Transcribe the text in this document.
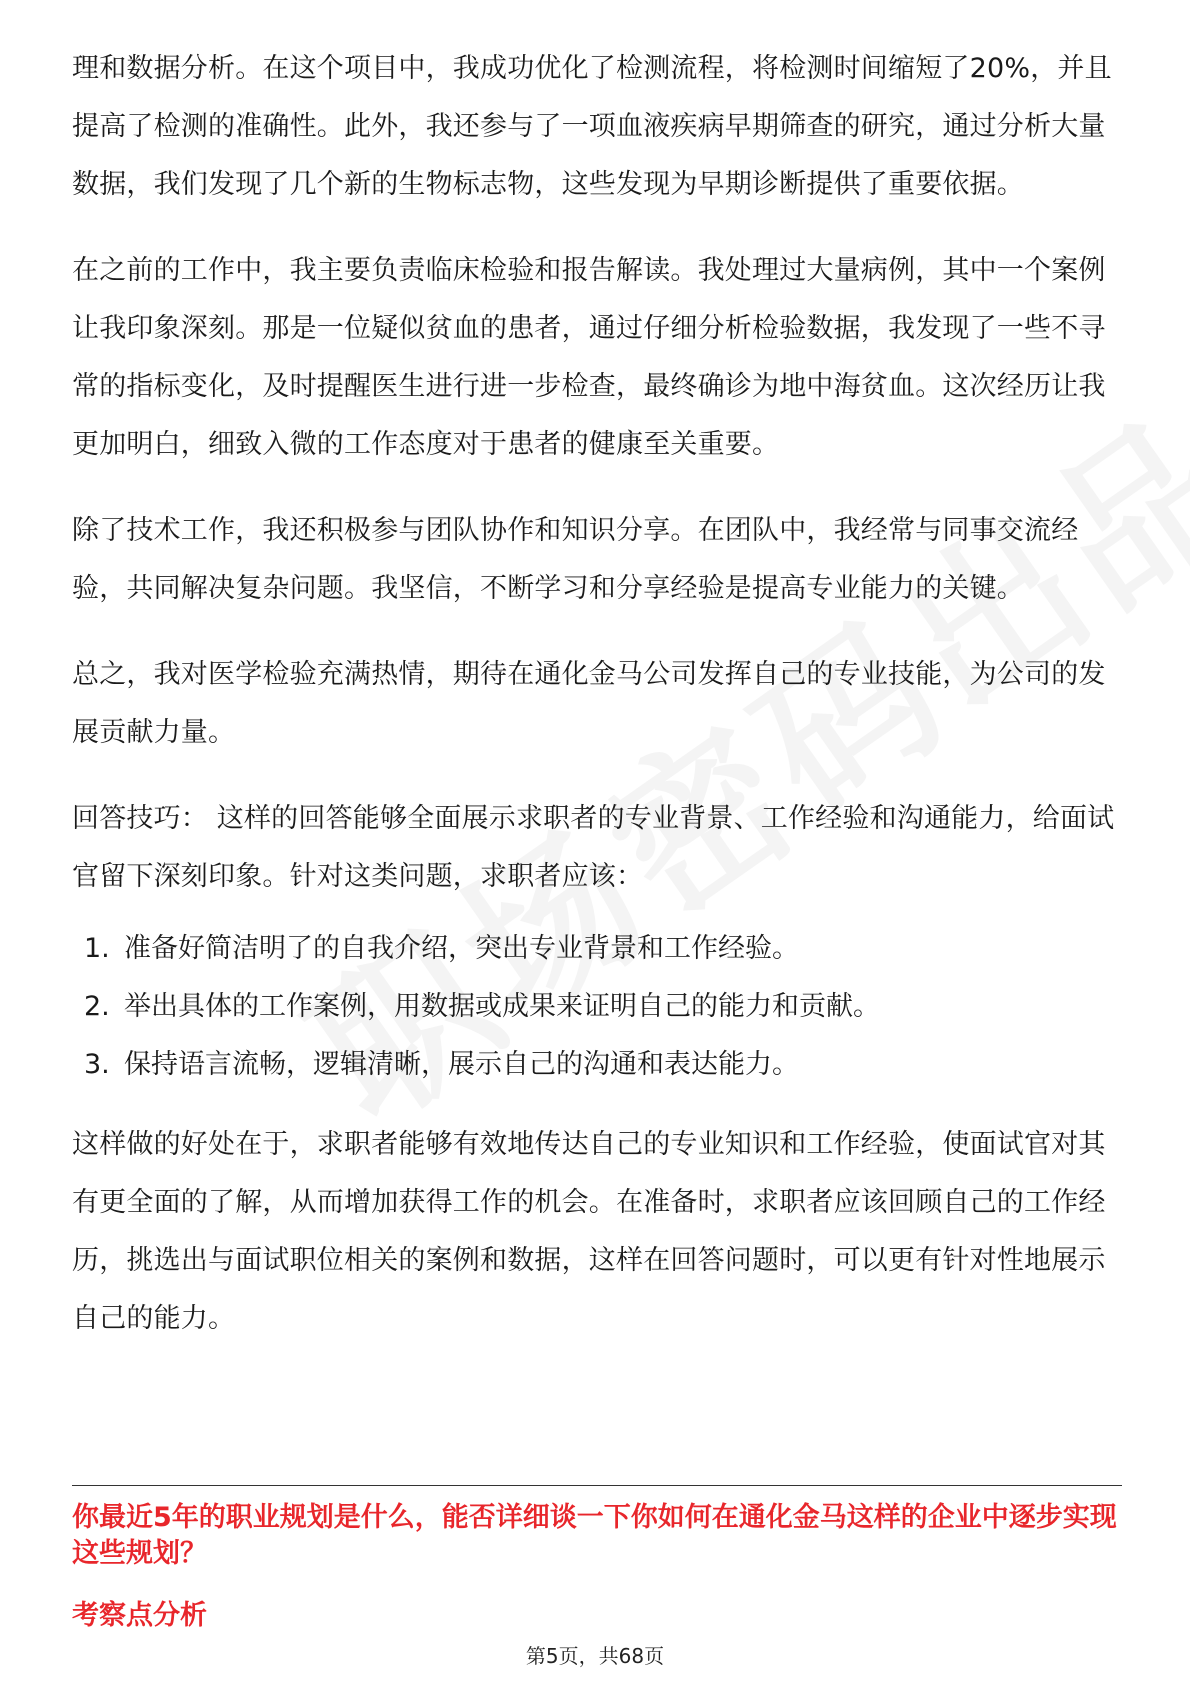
理和数据分析。在这个项目中，我成功优化了检测流程，将检测时间缩短了20%，并且提高了检测的准确性。此外，我还参与了一项血液疾病早期筛查的研究，通过分析大量数据，我们发现了几个新的生物标志物，这些发现为早期诊断提供了重要依据。

在之前的工作中，我主要负责临床检验和报告解读。我处理过大量病例，其中一个案例让我印象深刻。那是一位疑似贫血的患者，通过仔细分析检验数据，我发现了一些不寻常的指标变化，及时提醒医生进行进一步检查，最终确诊为地中海贫血。这次经历让我更加明白，细致入微的工作态度对于患者的健康至关重要。

除了技术工作，我还积极参与团队协作和知识分享。在团队中，我经常与同事交流经验，共同解决复杂问题。我坚信，不断学习和分享经验是提高专业能力的关键。

总之，我对医学检验充满热情，期待在通化金马公司发挥自己的专业技能，为公司的发展贡献力量。

回答技巧： 这样的回答能够全面展示求职者的专业背景、工作经验和沟通能力，给面试官留下深刻印象。针对这类问题，求职者应该：

1. 准备好简洁明了的自我介绍，突出专业背景和工作经验。
2. 举出具体的工作案例，用数据或成果来证明自己的能力和贡献。
3. 保持语言流畅，逻辑清晰，展示自己的沟通和表达能力。

这样做的好处在于，求职者能够有效地传达自己的专业知识和工作经验，使面试官对其有更全面的了解，从而增加获得工作的机会。在准备时，求职者应该回顾自己的工作经历，挑选出与面试职位相关的案例和数据，这样在回答问题时，可以更有针对性地展示自己的能力。

你最近5年的职业规划是什么，能否详细谈一下你如何在通化金马这样的企业中逐步实现这些规划？
考察点分析
第5页，共68页
